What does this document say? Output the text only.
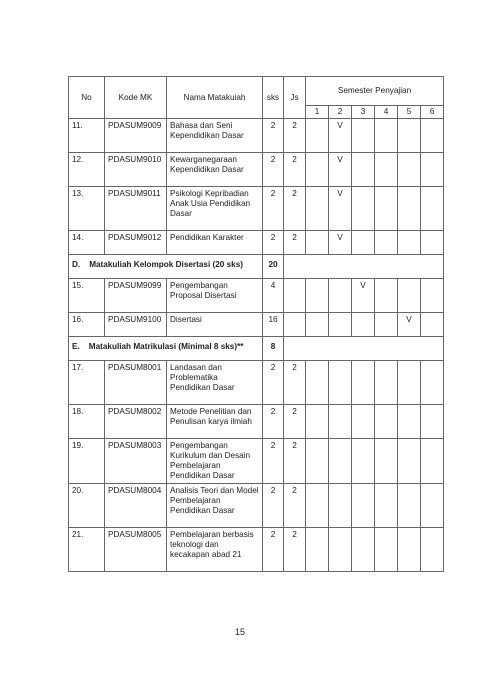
No	Kode MK	Nama Matakuiah	sks	Js	Semester Penyajian					
					1	2	3	4	5	6
11.	PDASUM9009	Bahasa dan Seni Kependidikan Dasar	2	2		V				
12.	PDASUM9010	Kewarganegaraan Kependidikan Dasar	2	2		V				
13.	PDASUM9011	Psikologi Kepribadian Anak Usia Pendidikan Dasar	2	2		V				
14.	PDASUM9012	Pendidikan Karakter	2	2		V				
D. Matakuliah Kelompok Disertasi (20 sks)			20							
15.	PDASUM9099	Pengembangan Proposal Disertasi	4				V			
16.	PDASUM9100	Disertasi	16						V	
E. Matakuliah Matrikulasi (Minimal 8 sks)**			8							
17.	PDASUM8001	Landasan dan Problematika Pendidikan Dasar	2	2						
18.	PDASUM8002	Metode Penelitian dan Penulisan karya ilmiah	2	2						
19.	PDASUM8003	Pengembangan Kurikulum dan Desain Pembelajaran Pendidikan Dasar	2	2						
20.	PDASUM8004	Analisis Teori dan Model Pembelajaran Pendidikan Dasar	2	2						
21.	PDASUM8005	Pembelajaran berbasis teknologi dan kecakapan abad 21	2	2						
15
